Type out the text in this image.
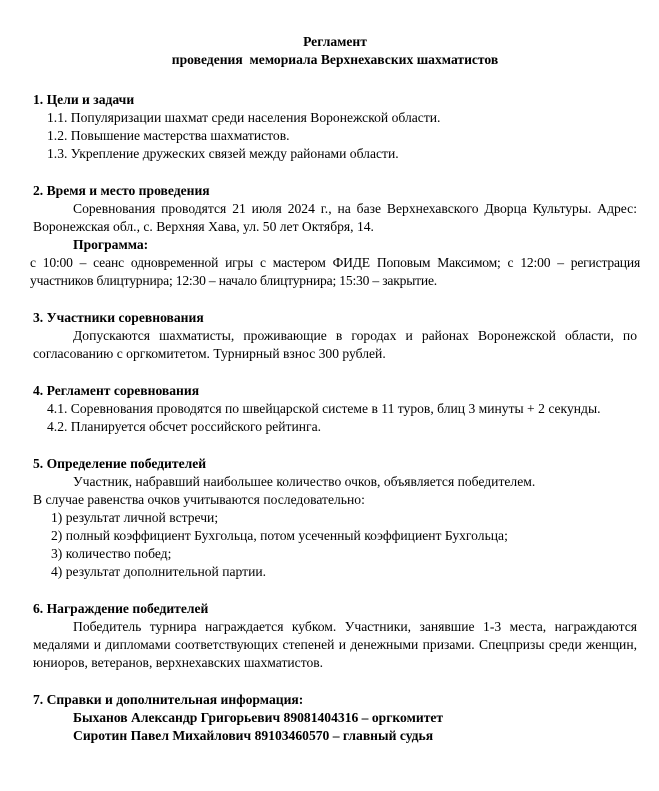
Регламент
проведения  мемориала Верхнехавских шахматистов

1. Цели и задачи

1.1. Популяризации шахмат среди населения Воронежской области.

1.2. Повышение мастерства шахматистов.

1.3. Укрепление дружеских связей между районами области.

2. Время и место проведения

Соревнования проводятся 21 июля 2024 г., на базе Верхнехавского Дворца Культуры. Адрес: Воронежская обл., с. Верхняя Хава, ул. 50 лет Октября, 14.

Программа:

с 10:00 – сеанс одновременной игры с мастером ФИДЕ Поповым Максимом; с 12:00 – регистрация участников блицтурнира; 12:30 – начало блицтурнира; 15:30 – закрытие.

3. Участники соревнования

Допускаются шахматисты, проживающие в городах и районах Воронежской области, по согласованию с оргкомитетом. Турнирный взнос 300 рублей.

4. Регламент соревнования

4.1. Соревнования проводятся по швейцарской системе в 11 туров, блиц 3 минуты + 2 секунды.

4.2. Планируется обсчет российского рейтинга.

5. Определение победителей

Участник, набравший наибольшее количество очков, объявляется победителем.

В случае равенства очков учитываются последовательно:

1) результат личной встречи;

2) полный коэффициент Бухгольца, потом усеченный коэффициент Бухгольца;

3) количество побед;

4) результат дополнительной партии.

6. Награждение победителей

Победитель турнира награждается кубком. Участники, занявшие 1-3 места, награждаются медалями и дипломами соответствующих степеней и денежными призами. Спецпризы среди женщин, юниоров, ветеранов, верхнехавских шахматистов.

7. Справки и дополнительная информация:

Быханов Александр Григорьевич 89081404316 – оргкомитет

Сиротин Павел Михайлович 89103460570 – главный судья
